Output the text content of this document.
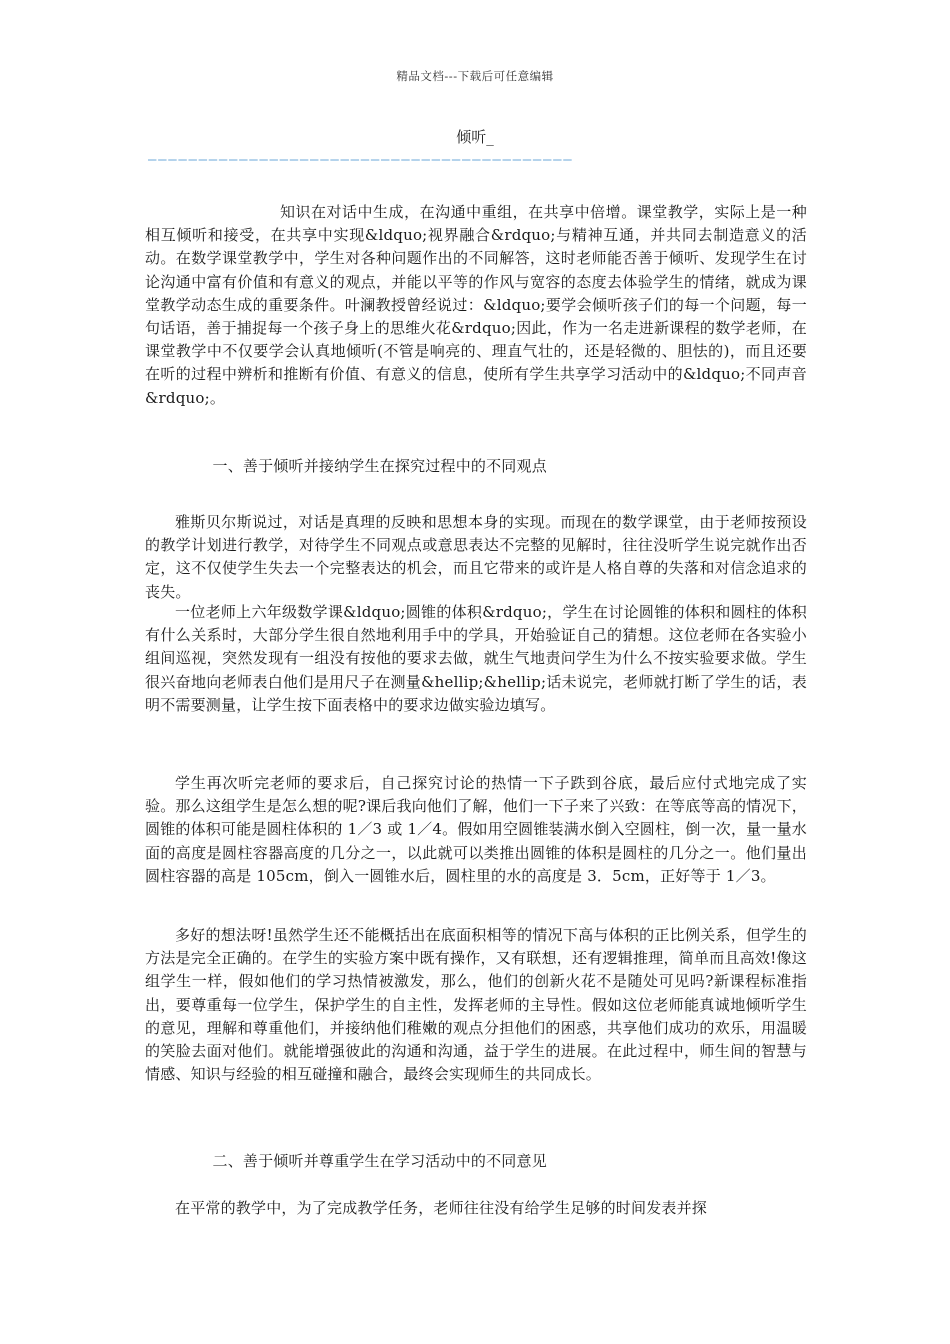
精品文档---下载后可任意编辑
倾听_
——————————————————————————————————————————

知识在对话中生成，在沟通中重组，在共享中倍增。课堂教学，实际上是一种相互倾听和接受，在共享中实现&ldquo;视界融合&rdquo;与精神互通，并共同去制造意义的活动。在数学课堂教学中，学生对各种问题作出的不同解答，这时老师能否善于倾听、发现学生在讨论沟通中富有价值和有意义的观点，并能以平等的作风与宽容的态度去体验学生的情绪，就成为课堂教学动态生成的重要条件。叶澜教授曾经说过：&ldquo;要学会倾听孩子们的每一个问题，每一句话语，善于捕捉每一个孩子身上的思维火花&rdquo;因此，作为一名走进新课程的数学老师，在课堂教学中不仅要学会认真地倾听(不管是响亮的、理直气壮的，还是轻微的、胆怯的)，而且还要在听的过程中辨析和推断有价值、有意义的信息，使所有学生共享学习活动中的&ldquo;不同声音&rdquo;。

一、善于倾听并接纳学生在探究过程中的不同观点

雅斯贝尔斯说过，对话是真理的反映和思想本身的实现。而现在的数学课堂，由于老师按预设的教学计划进行教学，对待学生不同观点或意思表达不完整的见解时，往往没听学生说完就作出否定，这不仅使学生失去一个完整表达的机会，而且它带来的或许是人格自尊的失落和对信念追求的丧失。

一位老师上六年级数学课&ldquo;圆锥的体积&rdquo;，学生在讨论圆锥的体积和圆柱的体积有什么关系时，大部分学生很自然地利用手中的学具，开始验证自己的猜想。这位老师在各实验小组间巡视，突然发现有一组没有按他的要求去做，就生气地责问学生为什么不按实验要求做。学生很兴奋地向老师表白他们是用尺子在测量&hellip;&hellip;话未说完，老师就打断了学生的话，表明不需要测量，让学生按下面表格中的要求边做实验边填写。

学生再次听完老师的要求后，自己探究讨论的热情一下子跌到谷底，最后应付式地完成了实验。那么这组学生是怎么想的呢?课后我向他们了解，他们一下子来了兴致：在等底等高的情况下，圆锥的体积可能是圆柱体积的 1／3 或 1／4。假如用空圆锥装满水倒入空圆柱，倒一次，量一量水面的高度是圆柱容器高度的几分之一，以此就可以类推出圆锥的体积是圆柱的几分之一。他们量出圆柱容器的高是 105cm，倒入一圆锥水后，圆柱里的水的高度是 3．5cm，正好等于 1／3。

多好的想法呀!虽然学生还不能概括出在底面积相等的情况下高与体积的正比例关系，但学生的方法是完全正确的。在学生的实验方案中既有操作，又有联想，还有逻辑推理，简单而且高效!像这组学生一样，假如他们的学习热情被激发，那么，他们的创新火花不是随处可见吗?新课程标准指出，要尊重每一位学生，保护学生的自主性，发挥老师的主导性。假如这位老师能真诚地倾听学生的意见，理解和尊重他们，并接纳他们稚嫩的观点分担他们的困惑，共享他们成功的欢乐，用温暖的笑脸去面对他们。就能增强彼此的沟通和沟通，益于学生的进展。在此过程中，师生间的智慧与情感、知识与经验的相互碰撞和融合，最终会实现师生的共同成长。

二、善于倾听并尊重学生在学习活动中的不同意见

在平常的教学中，为了完成教学任务，老师往往没有给学生足够的时间发表并探
